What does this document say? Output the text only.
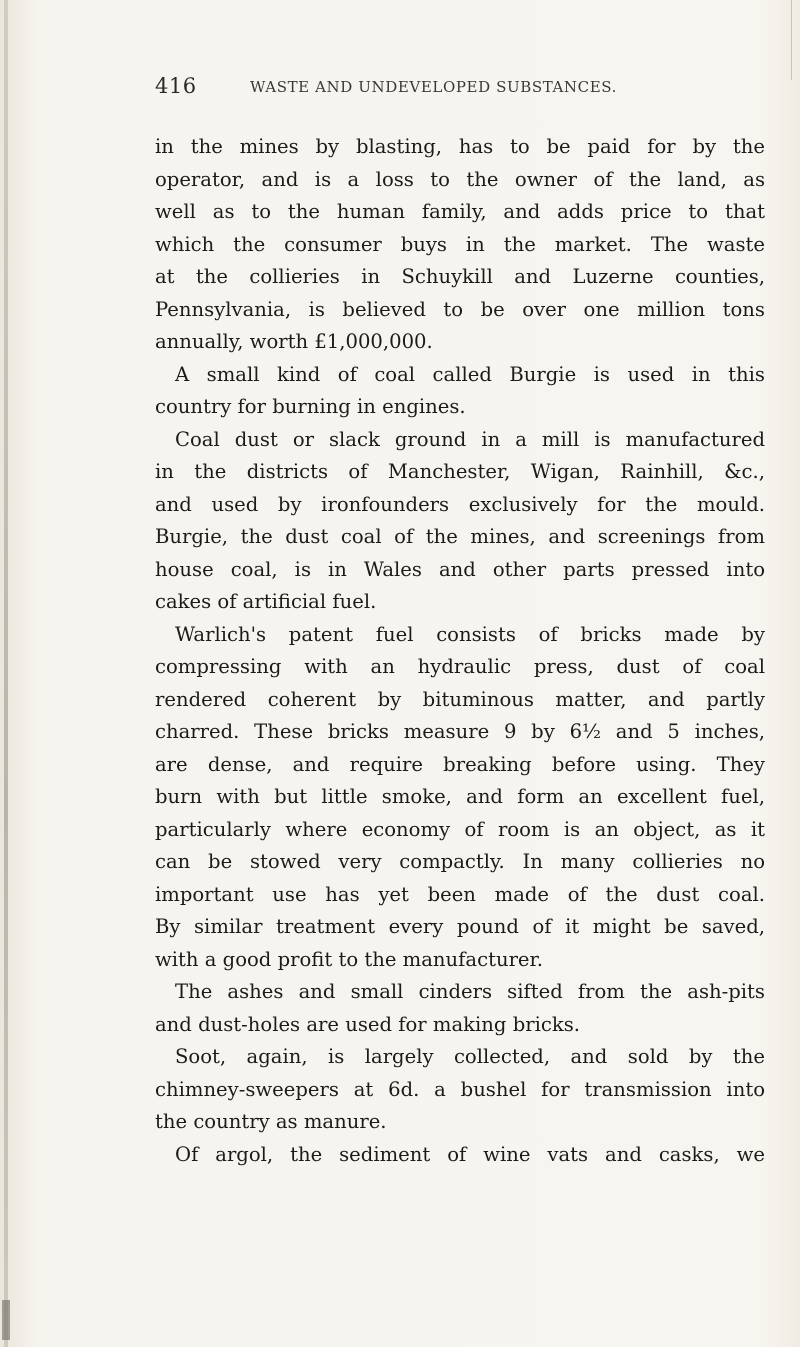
416	WASTE AND UNDEVELOPED SUBSTANCES.
in the mines by blasting, has to be paid for by the
operator, and is a loss to the owner of the land, as
well as to the human family, and adds price to that
which the consumer buys in the market. The waste
at the collieries in Schuykill and Luzerne counties,
Pennsylvania, is believed to be over one million tons
annually, worth £1,000,000.
A small kind of coal called Burgie is used in this
country for burning in engines.
Coal dust or slack ground in a mill is manufactured
in the districts of Manchester, Wigan, Rainhill, &c.,
and used by ironfounders exclusively for the mould.
Burgie, the dust coal of the mines, and screenings from
house coal, is in Wales and other parts pressed into
cakes of artificial fuel.
Warlich's patent fuel consists of bricks made by
compressing with an hydraulic press, dust of coal
rendered coherent by bituminous matter, and partly
charred. These bricks measure 9 by 6½ and 5 inches,
are dense, and require breaking before using. They
burn with but little smoke, and form an excellent fuel,
particularly where economy of room is an object, as it
can be stowed very compactly. In many collieries no
important use has yet been made of the dust coal.
By similar treatment every pound of it might be saved,
with a good profit to the manufacturer.
The ashes and small cinders sifted from the ash-pits
and dust-holes are used for making bricks.
Soot, again, is largely collected, and sold by the
chimney-sweepers at 6d. a bushel for transmission into
the country as manure.
Of argol, the sediment of wine vats and casks, we
